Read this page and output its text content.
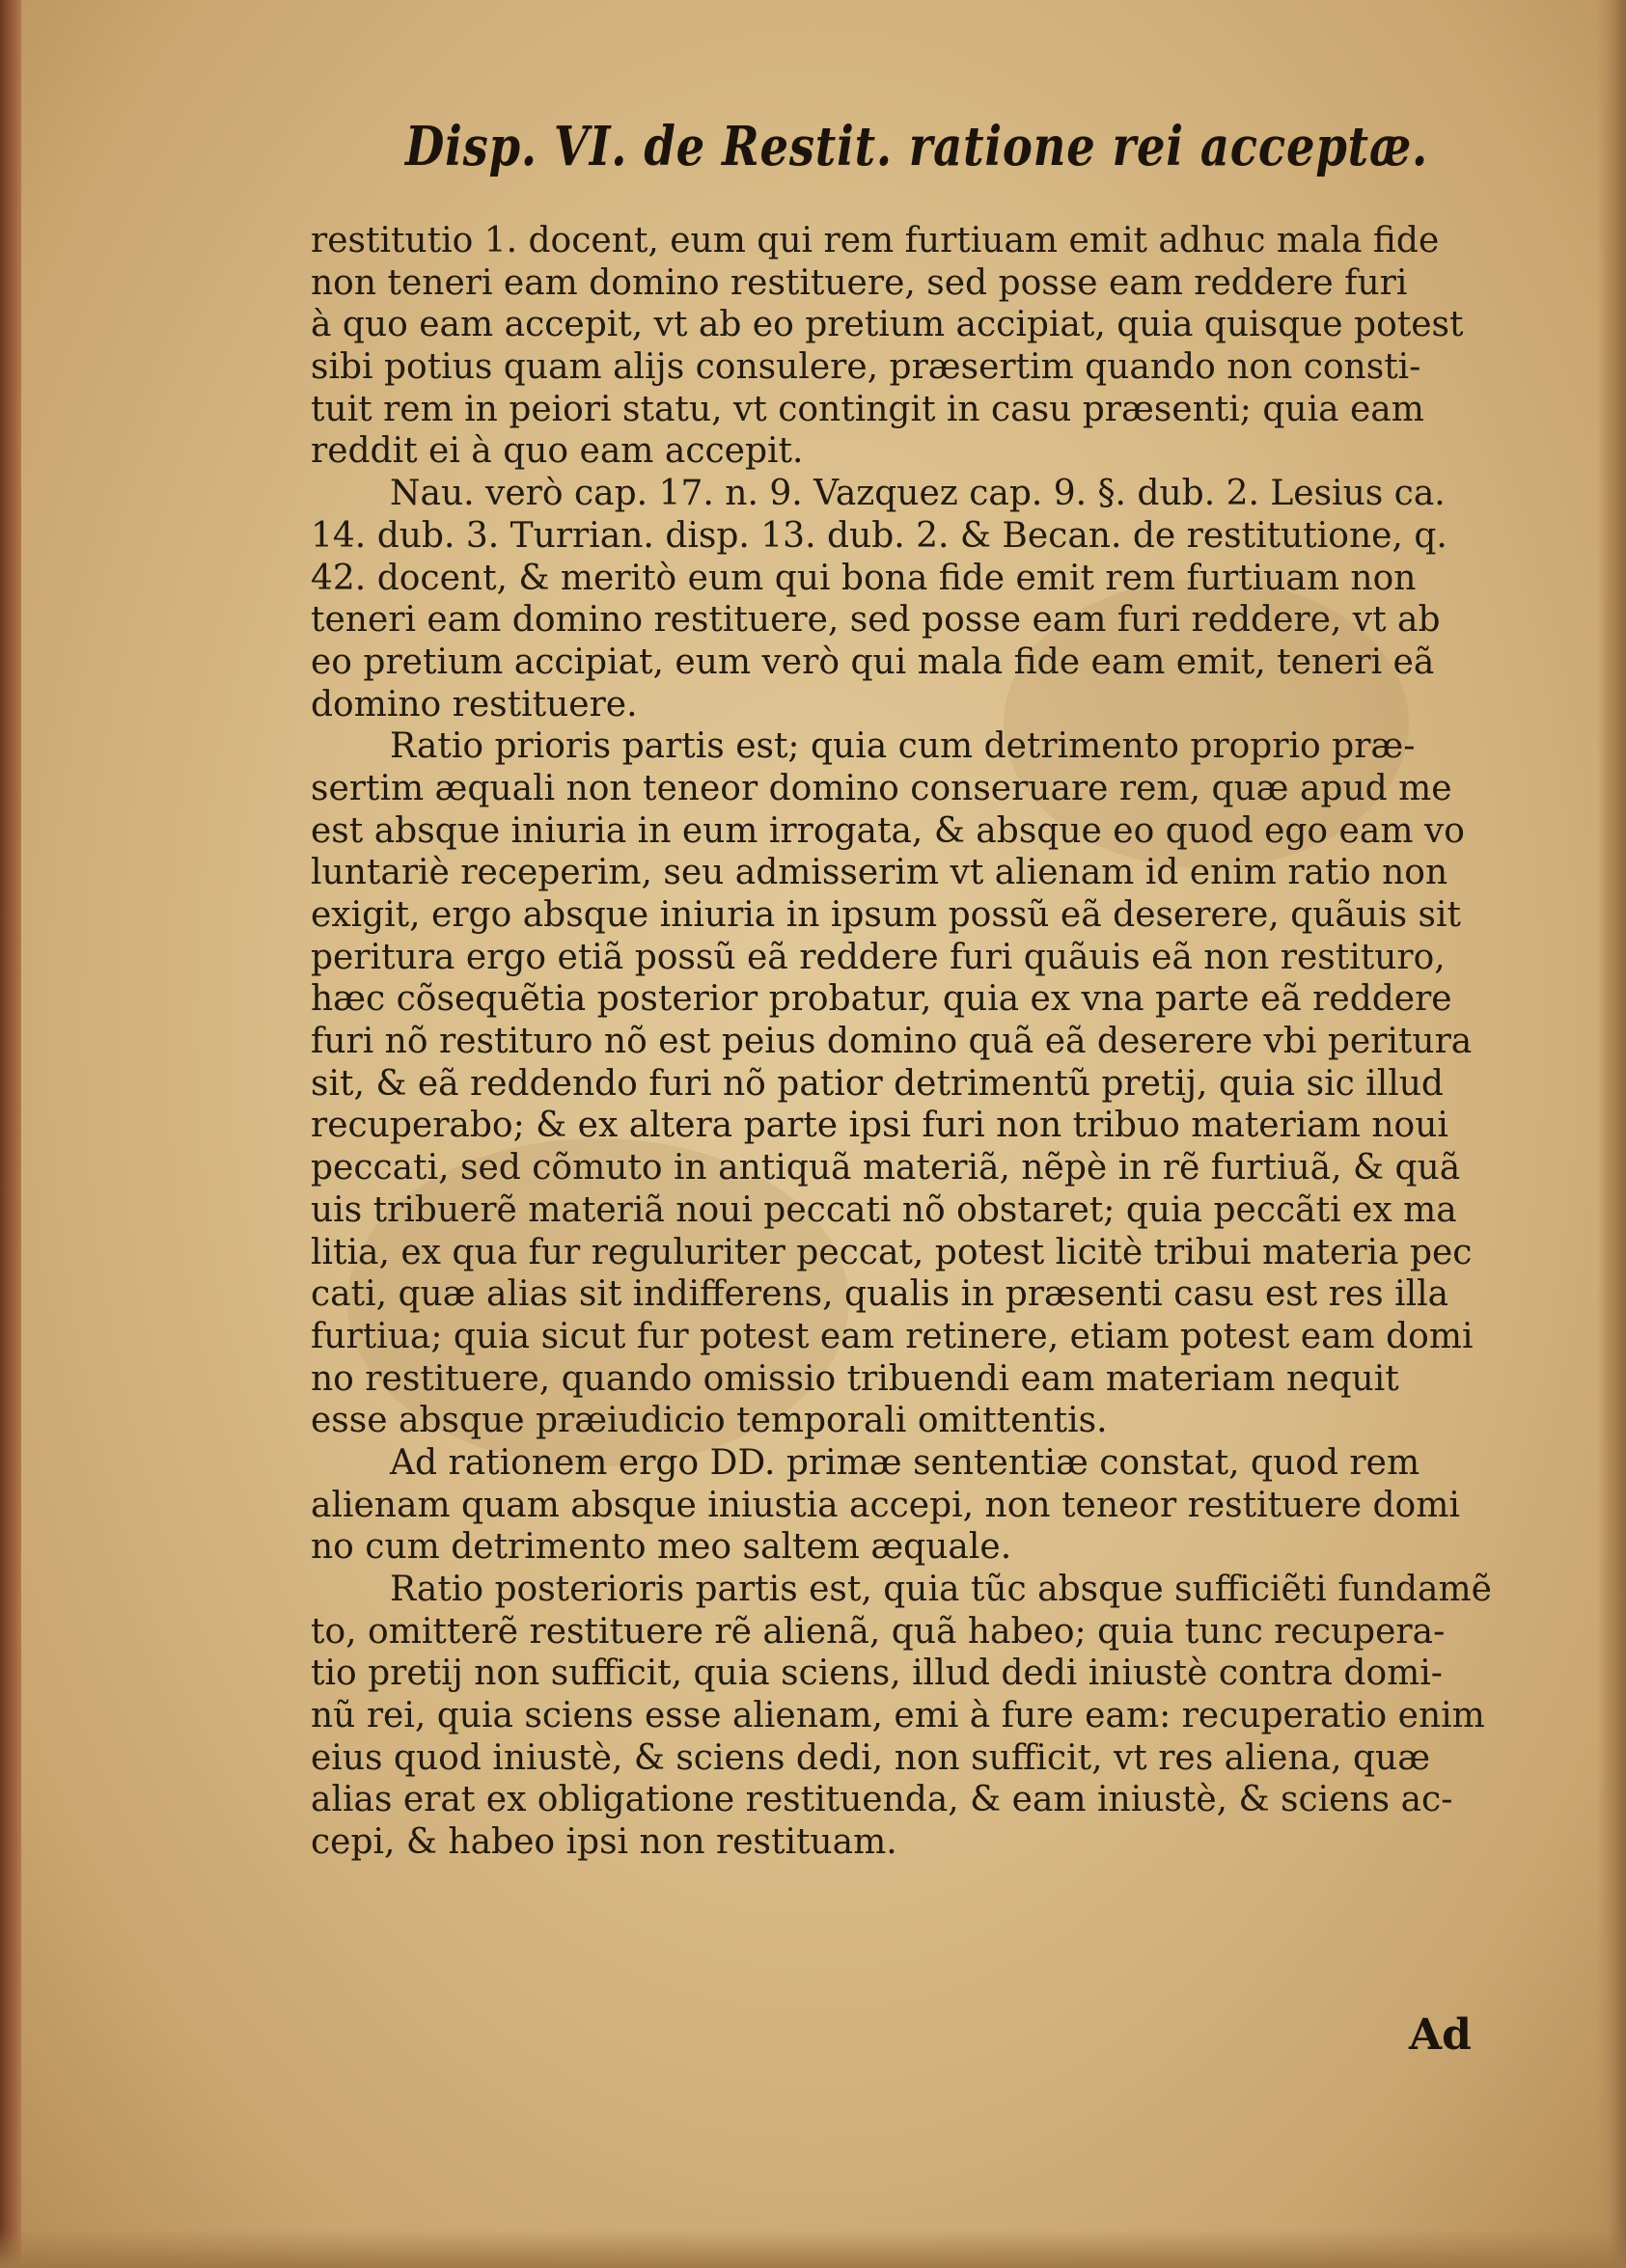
Disp. VI. de Restit. ratione rei acceptæ.
restitutio 1. docent, eum qui rem furtiuam emit adhuc mala fide
non teneri eam domino restituere, sed posse eam reddere furi
à quo eam accepit, vt ab eo pretium accipiat, quia quisque potest
sibi potius quam alijs consulere, præsertim quando non consti-
tuit rem in peiori statu, vt contingit in casu præsenti; quia eam
reddit ei à quo eam accepit.
Nau. verò cap. 17. n. 9. Vazquez cap. 9. §. dub. 2. Lesius ca.
14. dub. 3. Turrian. disp. 13. dub. 2. & Becan. de restitutione, q.
42. docent, & meritò eum qui bona fide emit rem furtiuam non
teneri eam domino restituere, sed posse eam furi reddere, vt ab
eo pretium accipiat, eum verò qui mala fide eam emit, teneri eã
domino restituere.
Ratio prioris partis est; quia cum detrimento proprio præ-
sertim æquali non teneor domino conseruare rem, quæ apud me
est absque iniuria in eum irrogata, & absque eo quod ego eam vo
luntariè receperim, seu admisserim vt alienam id enim ratio non
exigit, ergo absque iniuria in ipsum possũ eã deserere, quãuis sit
peritura ergo etiã possũ eã reddere furi quãuis eã non restituro,
hæc cõsequẽtia posterior probatur, quia ex vna parte eã reddere
furi nõ restituro nõ est peius domino quã eã deserere vbi peritura
sit, & eã reddendo furi nõ patior detrimentũ pretij, quia sic illud
recuperabo; & ex altera parte ipsi furi non tribuo materiam noui
peccati, sed cõmuto in antiquã materiã, nẽpè in rẽ furtiuã, & quã
uis tribuerẽ materiã noui peccati nõ obstaret; quia peccãti ex ma
litia, ex qua fur reguluriter peccat, potest licitè tribui materia pec
cati, quæ alias sit indifferens, qualis in præsenti casu est res illa
furtiua; quia sicut fur potest eam retinere, etiam potest eam domi
no restituere, quando omissio tribuendi eam materiam nequit
esse absque præiudicio temporali omittentis.
Ad rationem ergo DD. primæ sententiæ constat, quod rem
alienam quam absque iniustia accepi, non teneor restituere domi
no cum detrimento meo saltem æquale.
Ratio posterioris partis est, quia tũc absque sufficiẽti fundamẽ
to, omitterẽ restituere rẽ alienã, quã habeo; quia tunc recupera-
tio pretij non sufficit, quia sciens, illud dedi iniustè contra domi-
nũ rei, quia sciens esse alienam, emi à fure eam: recuperatio enim
eius quod iniustè, & sciens dedi, non sufficit, vt res aliena, quæ
alias erat ex obligatione restituenda, & eam iniustè, & sciens ac-
cepi, & habeo ipsi non restituam.
Ad
